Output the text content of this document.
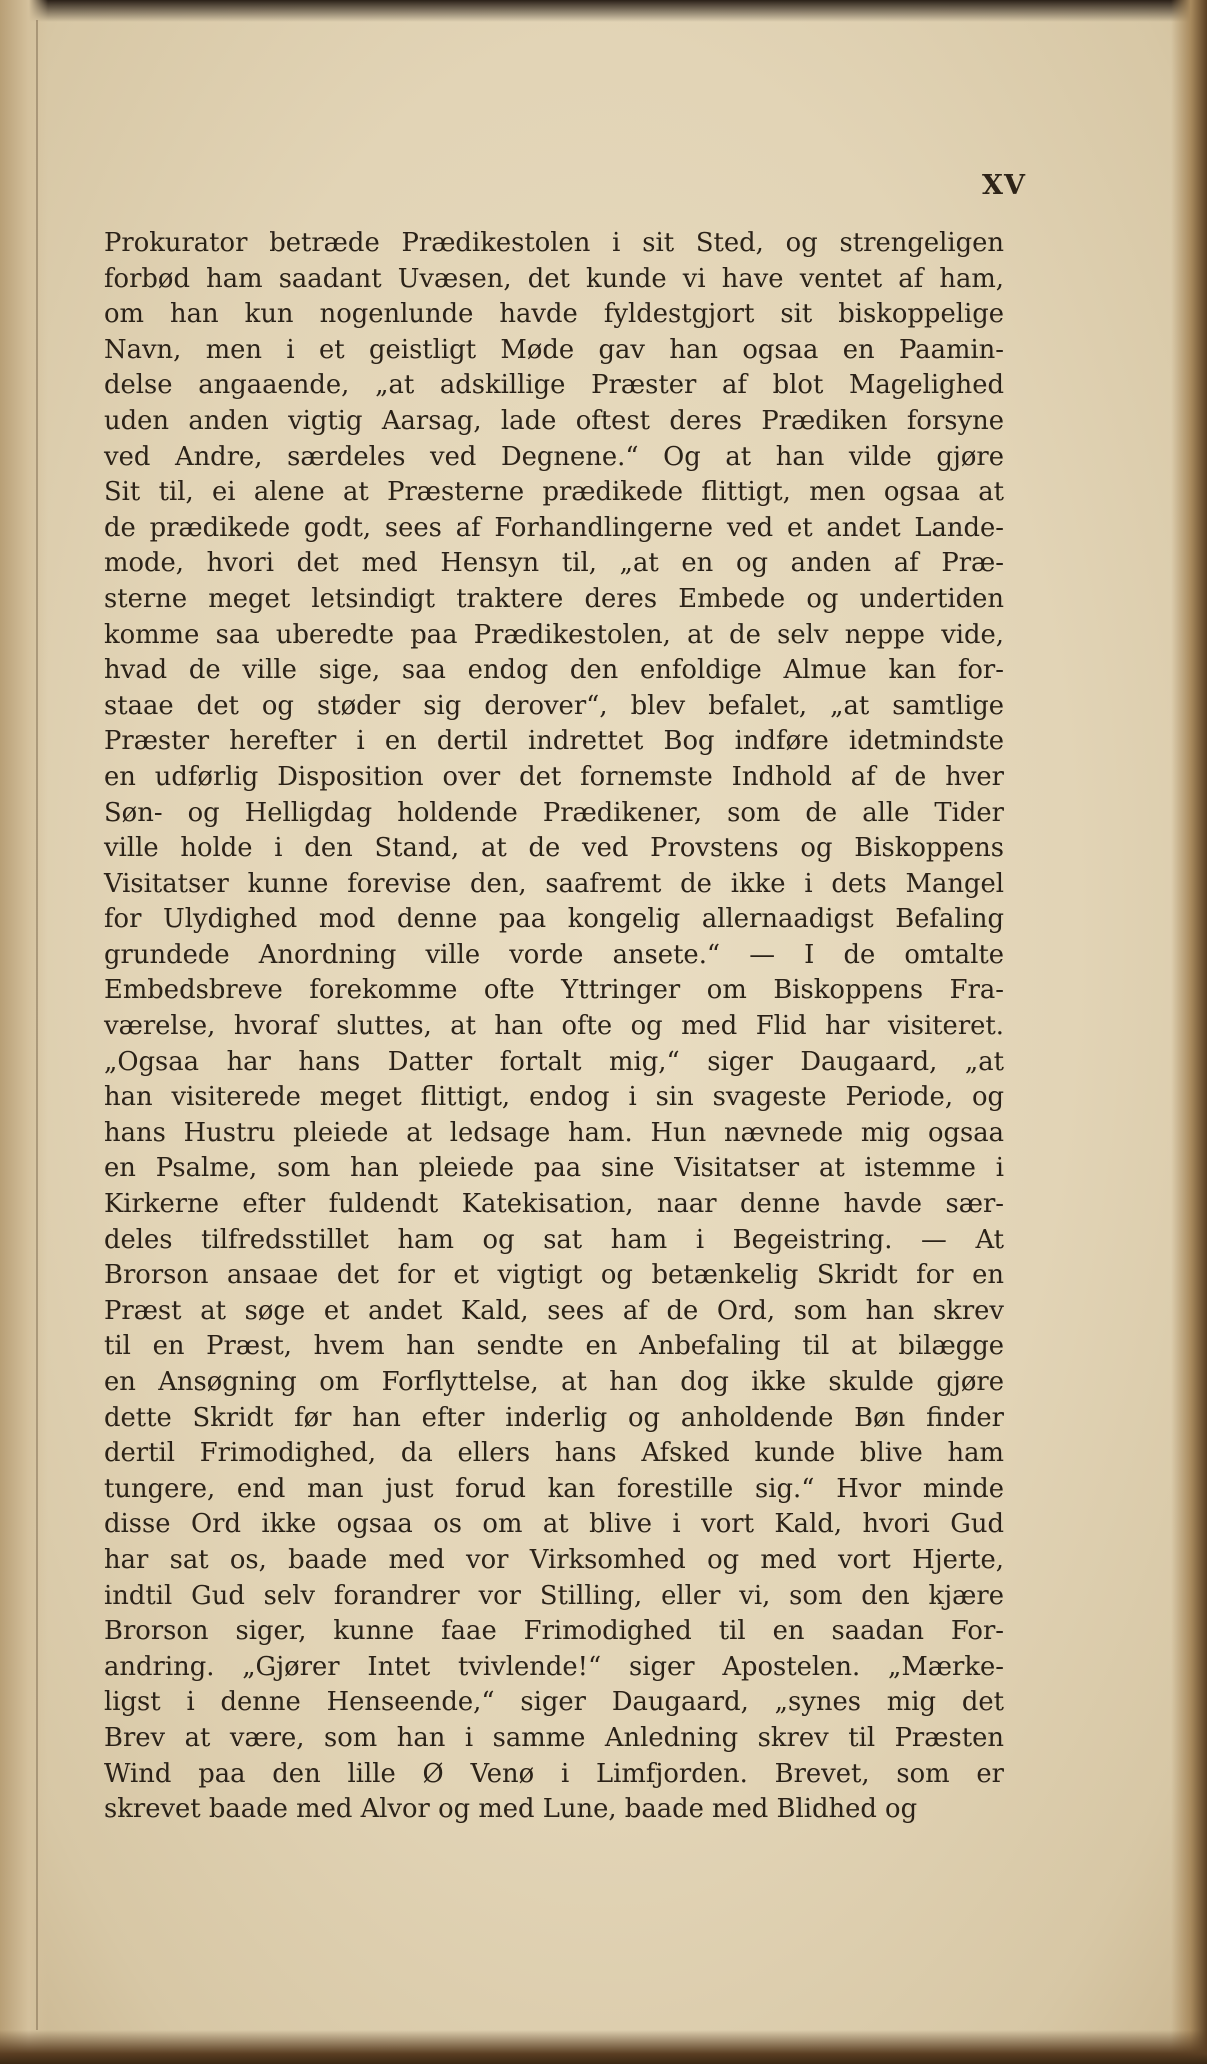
XV
Prokurator betræde Prædikestolen i sit Sted, og strengeligen
forbød ham saadant Uvæsen, det kunde vi have ventet af ham,
om han kun nogenlunde havde fyldestgjort sit biskoppelige
Navn, men i et geistligt Møde gav han ogsaa en Paamin-
delse angaaende, „at adskillige Præster af blot Magelighed
uden anden vigtig Aarsag, lade oftest deres Prædiken forsyne
ved Andre, særdeles ved Degnene.“ Og at han vilde gjøre
Sit til, ei alene at Præsterne prædikede flittigt, men ogsaa at
de prædikede godt, sees af Forhandlingerne ved et andet Lande-
mode, hvori det med Hensyn til, „at en og anden af Præ-
sterne meget letsindigt traktere deres Embede og undertiden
komme saa uberedte paa Prædikestolen, at de selv neppe vide,
hvad de ville sige, saa endog den enfoldige Almue kan for-
staae det og støder sig derover“, blev befalet, „at samtlige
Præster herefter i en dertil indrettet Bog indføre idetmindste
en udførlig Disposition over det fornemste Indhold af de hver
Søn- og Helligdag holdende Prædikener, som de alle Tider
ville holde i den Stand, at de ved Provstens og Biskoppens
Visitatser kunne forevise den, saafremt de ikke i dets Mangel
for Ulydighed mod denne paa kongelig allernaadigst Befaling
grundede Anordning ville vorde ansete.“ — I de omtalte
Embedsbreve forekomme ofte Yttringer om Biskoppens Fra-
værelse, hvoraf sluttes, at han ofte og med Flid har visiteret.
„Ogsaa har hans Datter fortalt mig,“ siger Daugaard, „at
han visiterede meget flittigt, endog i sin svageste Periode, og
hans Hustru pleiede at ledsage ham. Hun nævnede mig ogsaa
en Psalme, som han pleiede paa sine Visitatser at istemme i
Kirkerne efter fuldendt Katekisation, naar denne havde sær-
deles tilfredsstillet ham og sat ham i Begeistring. — At
Brorson ansaae det for et vigtigt og betænkelig Skridt for en
Præst at søge et andet Kald, sees af de Ord, som han skrev
til en Præst, hvem han sendte en Anbefaling til at bilægge
en Ansøgning om Forflyttelse, at han dog ikke skulde gjøre
dette Skridt før han efter inderlig og anholdende Bøn finder
dertil Frimodighed, da ellers hans Afsked kunde blive ham
tungere, end man just forud kan forestille sig.“ Hvor minde
disse Ord ikke ogsaa os om at blive i vort Kald, hvori Gud
har sat os, baade med vor Virksomhed og med vort Hjerte,
indtil Gud selv forandrer vor Stilling, eller vi, som den kjære
Brorson siger, kunne faae Frimodighed til en saadan For-
andring. „Gjører Intet tvivlende!“ siger Apostelen. „Mærke-
ligst i denne Henseende,“ siger Daugaard, „synes mig det
Brev at være, som han i samme Anledning skrev til Præsten
Wind paa den lille Ø Venø i Limfjorden. Brevet, som er
skrevet baade med Alvor og med Lune, baade med Blidhed og
